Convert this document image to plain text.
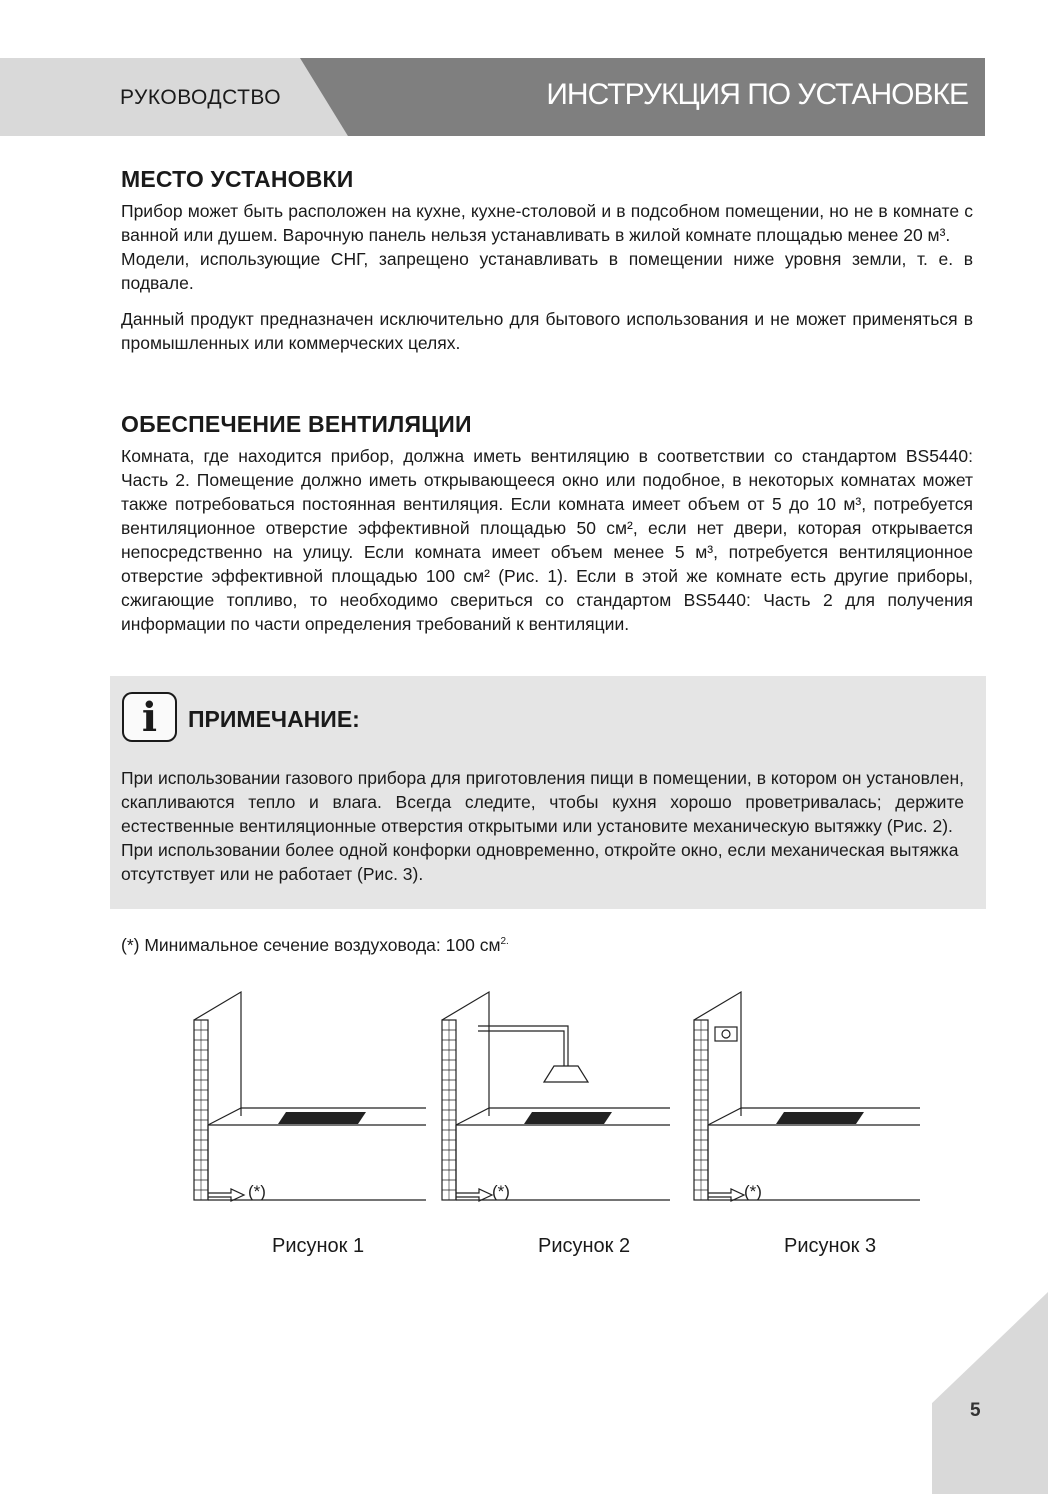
РУКОВОДСТВО	ИНСТРУКЦИЯ ПО УСТАНОВКЕ
МЕСТО УСТАНОВКИ

Прибор может быть расположен на кухне, кухне-столовой и в подсобном помещении, но не в комнате с ванной или душем. Варочную панель нельзя устанавливать в жилой комнате площадью менее 20 м³.

Модели, использующие СНГ, запрещено устанавливать в помещении ниже уровня земли, т. е. в подвале.

Данный продукт предназначен исключительно для бытового использования и не может применяться в промышленных или коммерческих целях.

ОБЕСПЕЧЕНИЕ ВЕНТИЛЯЦИИ

Комната, где находится прибор, должна иметь вентиляцию в соответствии со стандартом BS5440: Часть 2. Помещение должно иметь открывающееся окно или подобное, в некоторых комнатах может также потребоваться постоянная вентиляция. Если комната имеет объем от 5 до 10 м³, потребуется вентиляционное отверстие эффективной площадью 50 см², если нет двери, которая открывается непосредственно на улицу. Если комната имеет объем менее 5 м³, потребуется вентиляционное отверстие эффективной площадью 100 см² (Рис. 1). Если в этой же комнате есть другие приборы, сжигающие топливо, то необходимо свериться со стандартом BS5440: Часть 2 для получения информации по части определения требований к вентиляции.

i	ПРИМЕЧАНИЕ:

При использовании газового прибора для приготовления пищи в помещении, в котором он установлен, скапливаются тепло и влага. Всегда следите, чтобы кухня хорошо проветривалась; держите естественные вентиляционные отверстия открытыми или установите механическую вытяжку (Рис. 2).

При использовании более одной конфорки одновременно, откройте окно, если механическая вытяжка отсутствует или не работает (Рис. 3).

(*) Минимальное сечение воздуховода: 100 $см^{2.}$
(*)
Рисунок 1
(*)
Рисунок 2
(*)
Рисунок 3
5
